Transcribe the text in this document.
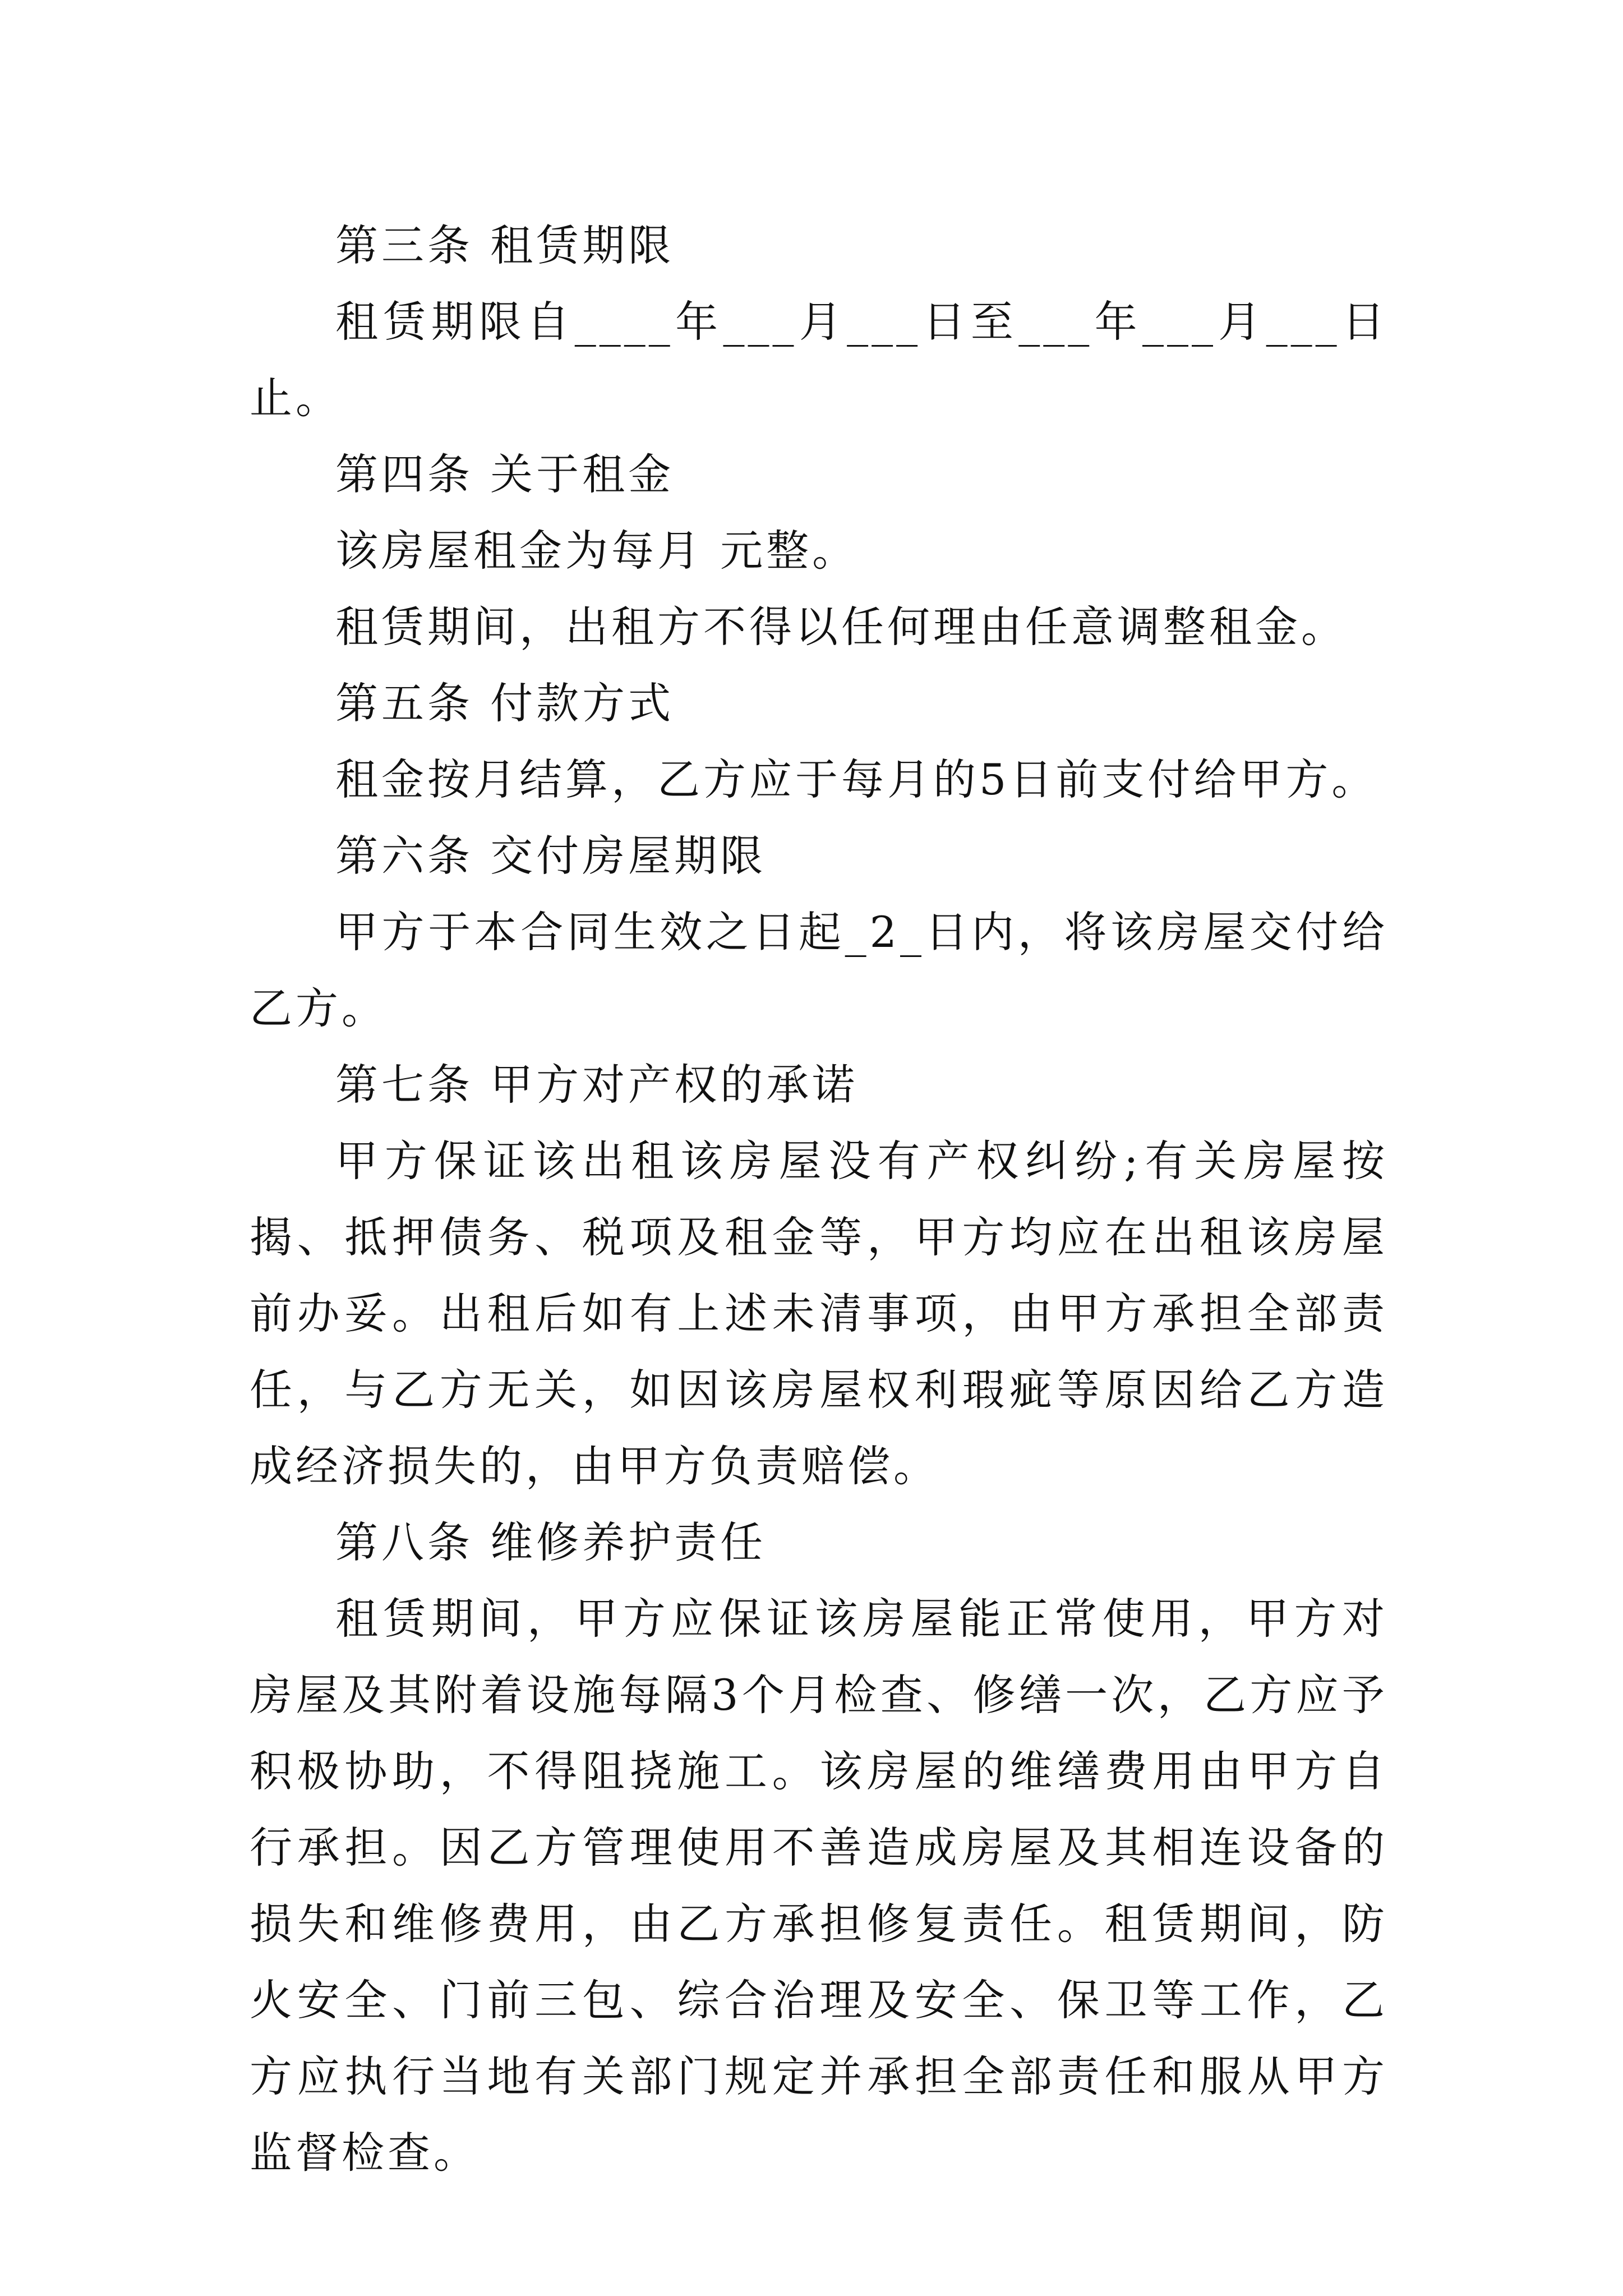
第三条 租赁期限

租赁期限自____年___月___日至___年___月___日止。

第四条 关于租金

该房屋租金为每月 元整。

租赁期间，出租方不得以任何理由任意调整租金。

第五条 付款方式

租金按月结算，乙方应于每月的5日前支付给甲方。

第六条 交付房屋期限

甲方于本合同生效之日起_2_日内，将该房屋交付给乙方。

第七条 甲方对产权的承诺

甲方保证该出租该房屋没有产权纠纷;有关房屋按揭、抵押债务、税项及租金等，甲方均应在出租该房屋前办妥。出租后如有上述未清事项，由甲方承担全部责任，与乙方无关，如因该房屋权利瑕疵等原因给乙方造成经济损失的，由甲方负责赔偿。

第八条 维修养护责任

租赁期间，甲方应保证该房屋能正常使用，甲方对房屋及其附着设施每隔3个月检查、修缮一次，乙方应予积极协助，不得阻挠施工。该房屋的维缮费用由甲方自行承担。因乙方管理使用不善造成房屋及其相连设备的损失和维修费用，由乙方承担修复责任。租赁期间，防火安全、门前三包、综合治理及安全、保卫等工作，乙方应执行当地有关部门规定并承担全部责任和服从甲方监督检查。
